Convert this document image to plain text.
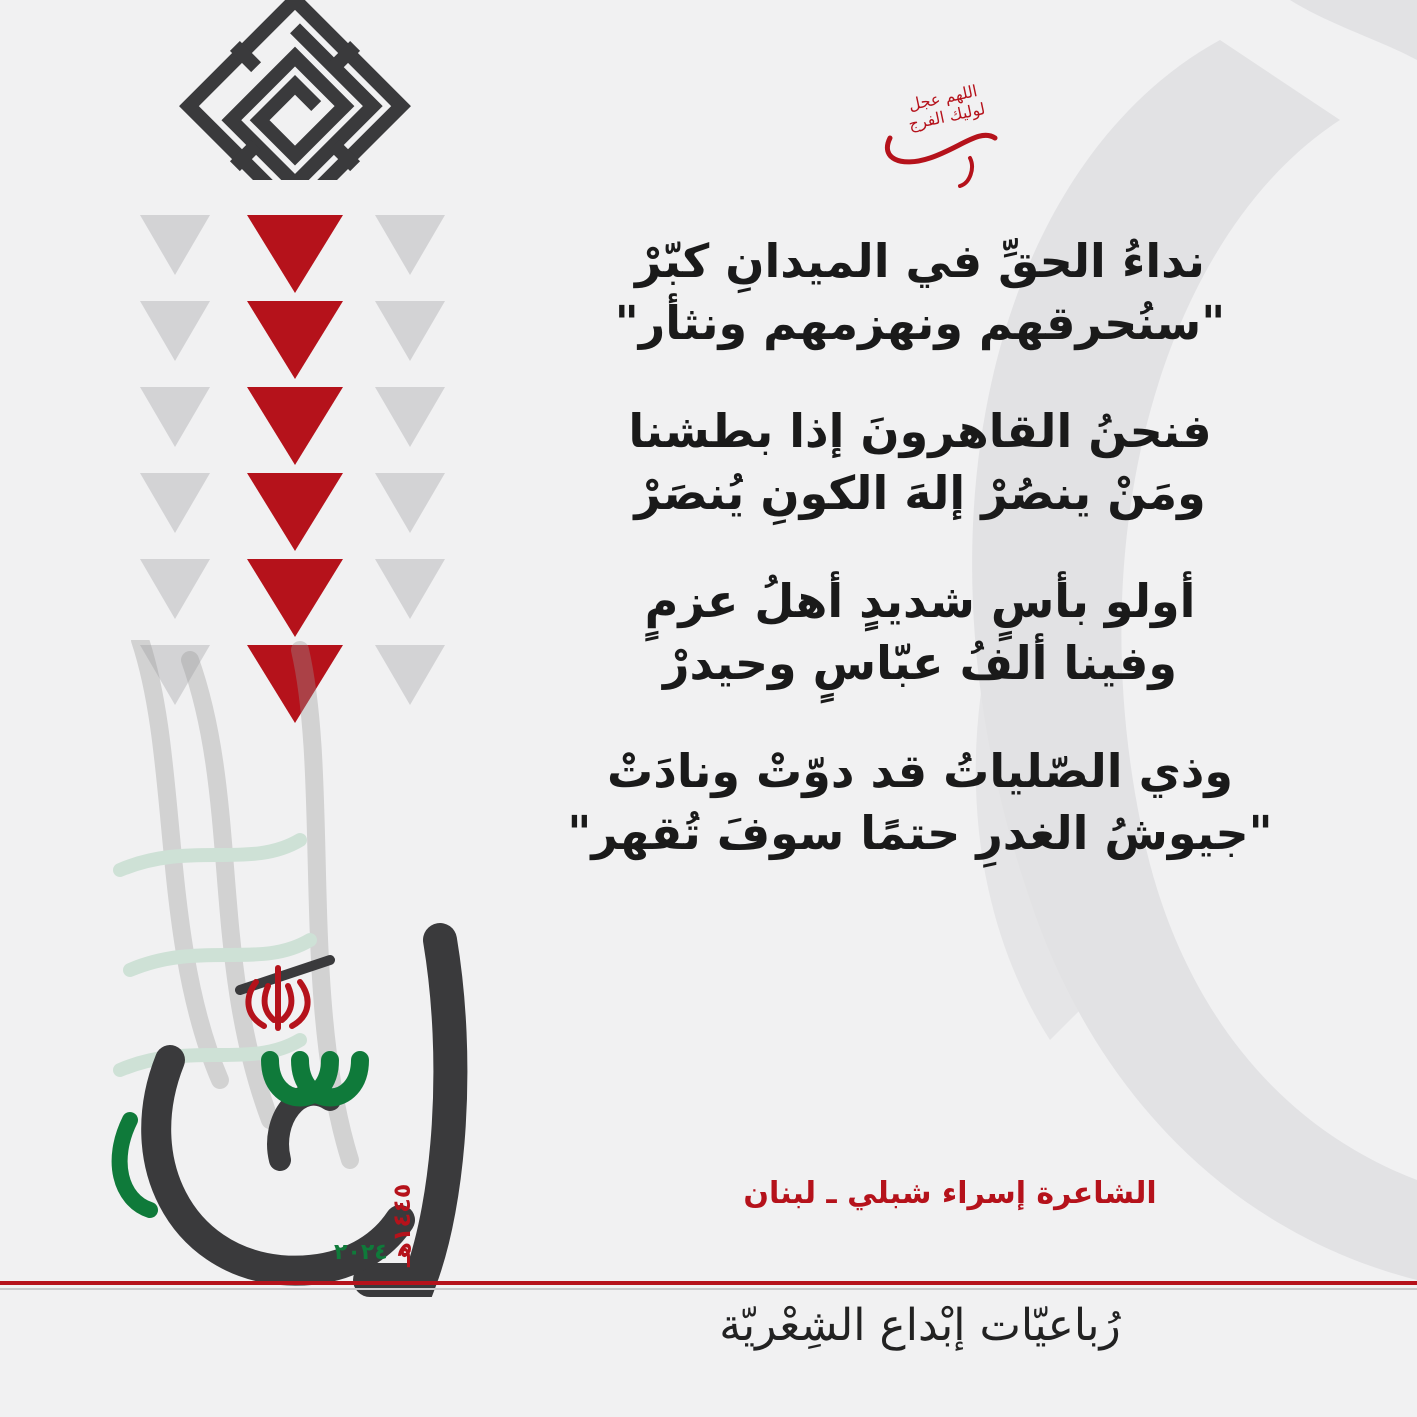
١٤٤٥هـ
٢٠٢٤
اللهم عجل لوليك الفرج
نداءُ الحقِّ في الميدانِ كبّرْ
"سنُحرقهم ونهزمهم ونثأر"
فنحنُ القاهرونَ إذا بطشنا
ومَنْ ينصُرْ إلهَ الكونِ يُنصَرْ
أولو بأسٍ شديدٍ أهلُ عزمٍ
وفينا ألفُ عبّاسٍ وحيدرْ
وذي الصّلياتُ قد دوّتْ ونادَتْ
"جيوشُ الغدرِ حتمًا سوفَ تُقهر"
الشاعرة إسراء شبلي ـ لبنان
رُباعيّات إبْداع الشِعْريّة
